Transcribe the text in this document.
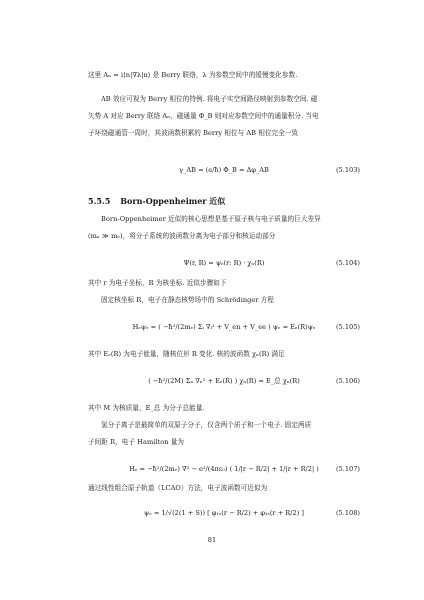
这里 Aₙ = i⟨n|∇λ|n⟩ 是 Berry 联络，λ 为参数空间中的缓慢变化参数.
AB 效应可视为 Berry 相位的特例. 将电子实空间路径映射到参数空间. 磁
矢势 A 对应 Berry 联络 Aₙ，磁通量 Φ_B 则对应参数空间中的通量积分. 当电
子环绕磁通管一周时，其波函数积累的 Berry 相位与 AB 相位完全一致
γ_AB = (e/ħ) Φ_B = Δφ_AB	(5.103)
5.5.5 Born-Oppenheimer 近似
Born-Oppenheimer 近似的核心思想是基于原子核与电子质量的巨大差异
(mₙ ≫ mₑ)，将分子系统的波函数分离为电子部分和核运动部分
Ψ(r, R) = ψₑ(r; R) · χₙ(R)	(5.104)
其中 r 为电子坐标，R 为核坐标. 近似步骤如下
固定核坐标 R，电子在静态核势场中的 Schrödinger 方程
Hₑψₑ = ( −ħ²/(2mₑ) Σᵢ ∇ᵢ² + V_en + V_ee ) ψₑ = Eₑ(R)ψₑ	(5.105)
其中 Eₑ(R) 为电子能量，随核位形 R 变化. 核的波函数 χₙ(R) 满足
( −ħ²/(2M) Σₙ ∇ₙ² + Eₑ(R) ) χₙ(R) = E_总 χₙ(R)	(5.106)
其中 M 为核质量，E_总 为分子总能量.
氢分子离子是最简单的双原子分子，仅含两个质子和一个电子. 固定两质
子间距 R，电子 Hamilton 量为
Hₑ = −ħ²/(2mₑ) ∇² − e²/(4πε₀) ( 1/|r − R/2| + 1/|r + R/2| )	(5.107)
通过线性组合原子轨道（LCAO）方法，电子波函数可近似为
ψₑ = 1/√(2(1 + S)) [ φ₁ₛ(r − R/2) + φ₁ₛ(r + R/2) ]	(5.108)
81
